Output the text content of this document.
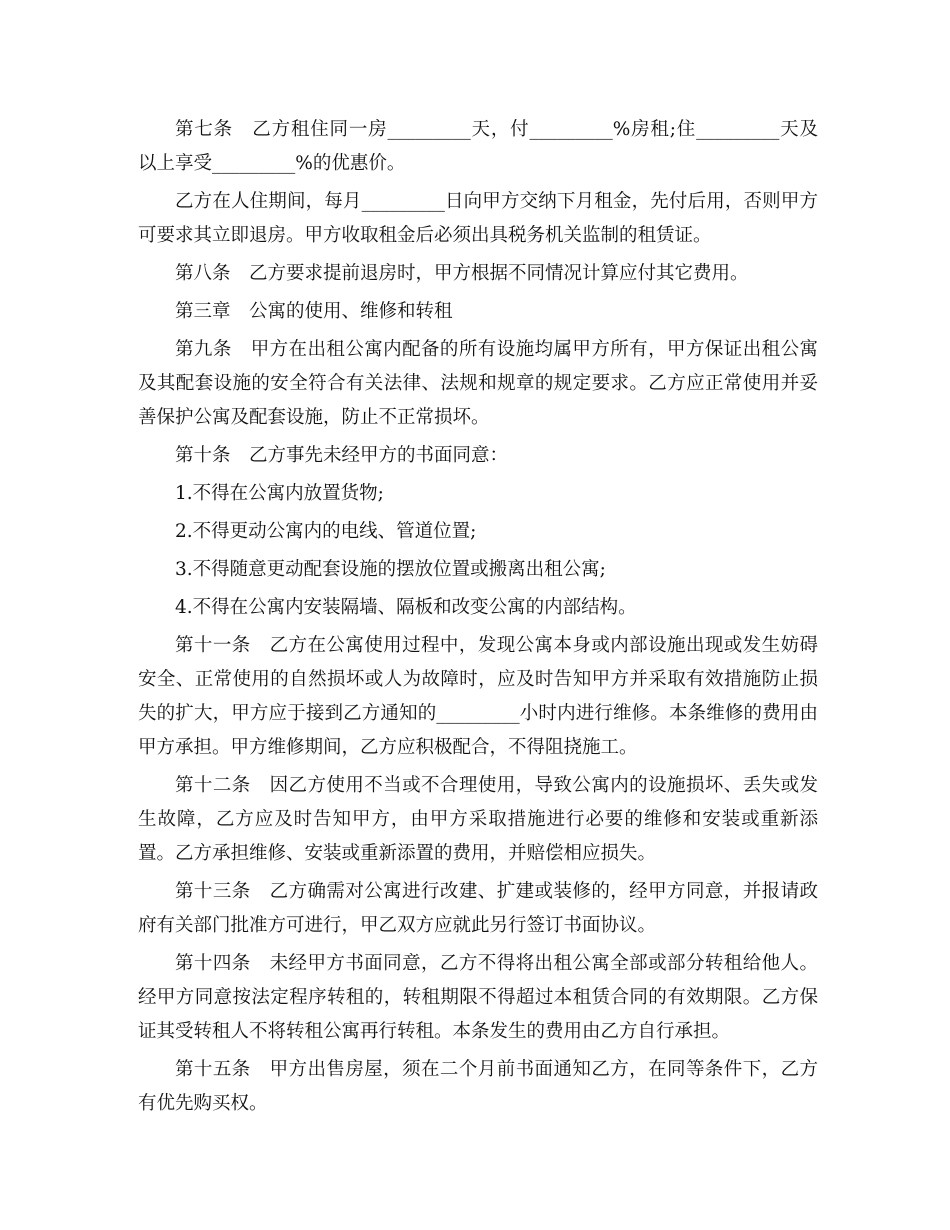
第七条　乙方租住同一房_________天，付_________%房租;住_________天及以上享受_________%的优惠价。

乙方在人住期间，每月_________日向甲方交纳下月租金，先付后用，否则甲方可要求其立即退房。甲方收取租金后必须出具税务机关监制的租赁证。

第八条　乙方要求提前退房时，甲方根据不同情况计算应付其它费用。

第三章　公寓的使用、维修和转租

第九条　甲方在出租公寓内配备的所有设施均属甲方所有，甲方保证出租公寓及其配套设施的安全符合有关法律、法规和规章的规定要求。乙方应正常使用并妥善保护公寓及配套设施，防止不正常损坏。

第十条　乙方事先未经甲方的书面同意：

1.不得在公寓内放置货物;

2.不得更动公寓内的电线、管道位置;

3.不得随意更动配套设施的摆放位置或搬离出租公寓;

4.不得在公寓内安装隔墙、隔板和改变公寓的内部结构。

第十一条　乙方在公寓使用过程中，发现公寓本身或内部设施出现或发生妨碍安全、正常使用的自然损坏或人为故障时，应及时告知甲方并采取有效措施防止损失的扩大，甲方应于接到乙方通知的_________小时内进行维修。本条维修的费用由甲方承担。甲方维修期间，乙方应积极配合，不得阻挠施工。

第十二条　因乙方使用不当或不合理使用，导致公寓内的设施损坏、丢失或发生故障，乙方应及时告知甲方，由甲方采取措施进行必要的维修和安装或重新添置。乙方承担维修、安装或重新添置的费用，并赔偿相应损失。

第十三条　乙方确需对公寓进行改建、扩建或装修的，经甲方同意，并报请政府有关部门批准方可进行，甲乙双方应就此另行签订书面协议。

第十四条　未经甲方书面同意，乙方不得将出租公寓全部或部分转租给他人。经甲方同意按法定程序转租的，转租期限不得超过本租赁合同的有效期限。乙方保证其受转租人不将转租公寓再行转租。本条发生的费用由乙方自行承担。

第十五条　甲方出售房屋，须在二个月前书面通知乙方，在同等条件下，乙方有优先购买权。
